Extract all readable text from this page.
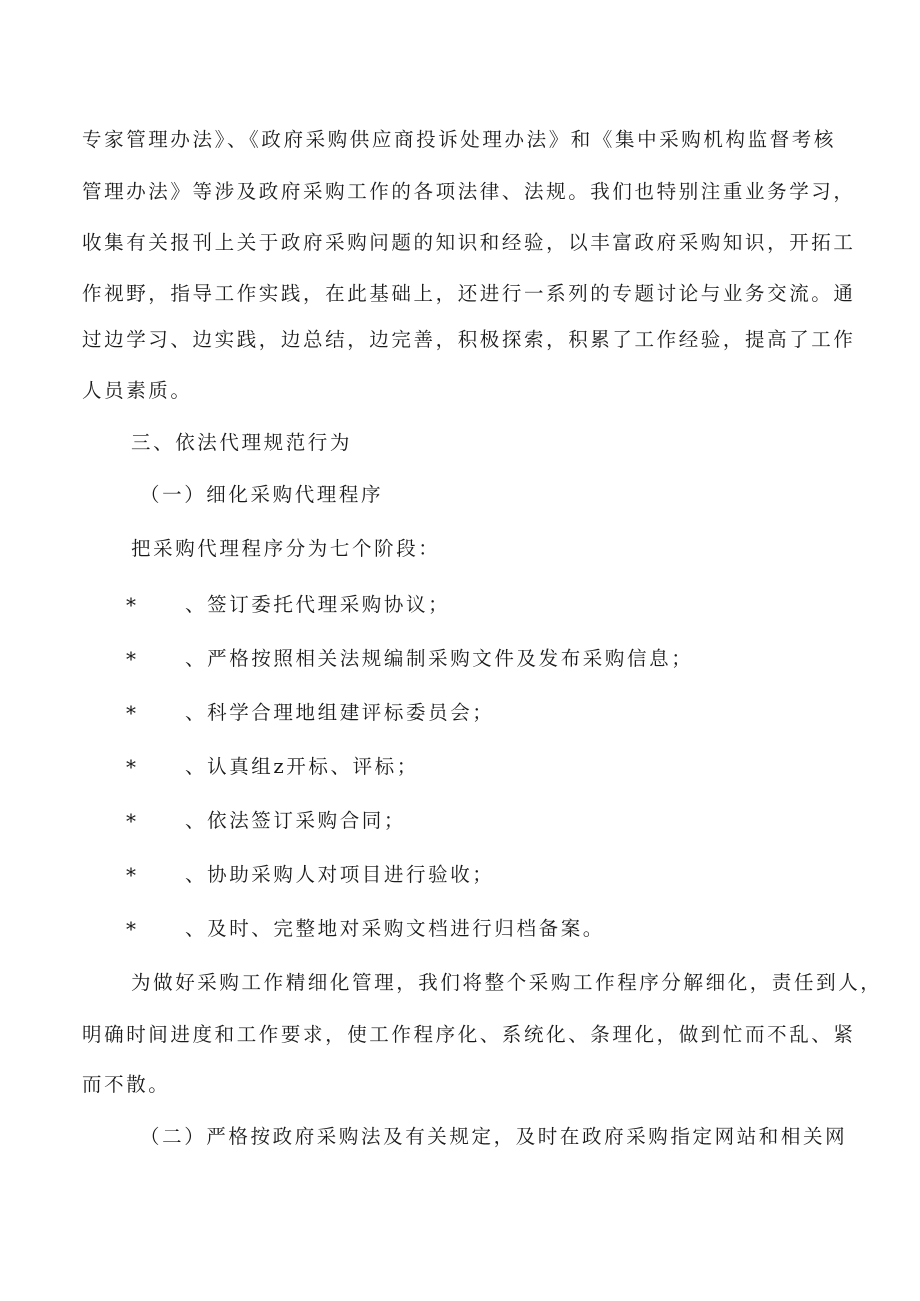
专家管理办法》、《政府采购供应商投诉处理办法》和《集中采购机构监督考核
管理办法》等涉及政府采购工作的各项法律、法规。我们也特别注重业务学习，
收集有关报刊上关于政府采购问题的知识和经验，以丰富政府采购知识，开拓工
作视野，指导工作实践，在此基础上，还进行一系列的专题讨论与业务交流。通
过边学习、边实践，边总结，边完善，积极探索，积累了工作经验，提高了工作
人员素质。
三、依法代理规范行为
（一）细化采购代理程序
把采购代理程序分为七个阶段：
*	、签订委托代理采购协议；
*	、严格按照相关法规编制采购文件及发布采购信息；
*	、科学合理地组建评标委员会；
*	、认真组z开标、评标；
*	、依法签订采购合同；
*	、协助采购人对项目进行验收；
*	、及时、完整地对采购文档进行归档备案。
为做好采购工作精细化管理，我们将整个采购工作程序分解细化，责任到人，
明确时间进度和工作要求，使工作程序化、系统化、条理化，做到忙而不乱、紧
而不散。
（二）严格按政府采购法及有关规定，及时在政府采购指定网站和相关网
